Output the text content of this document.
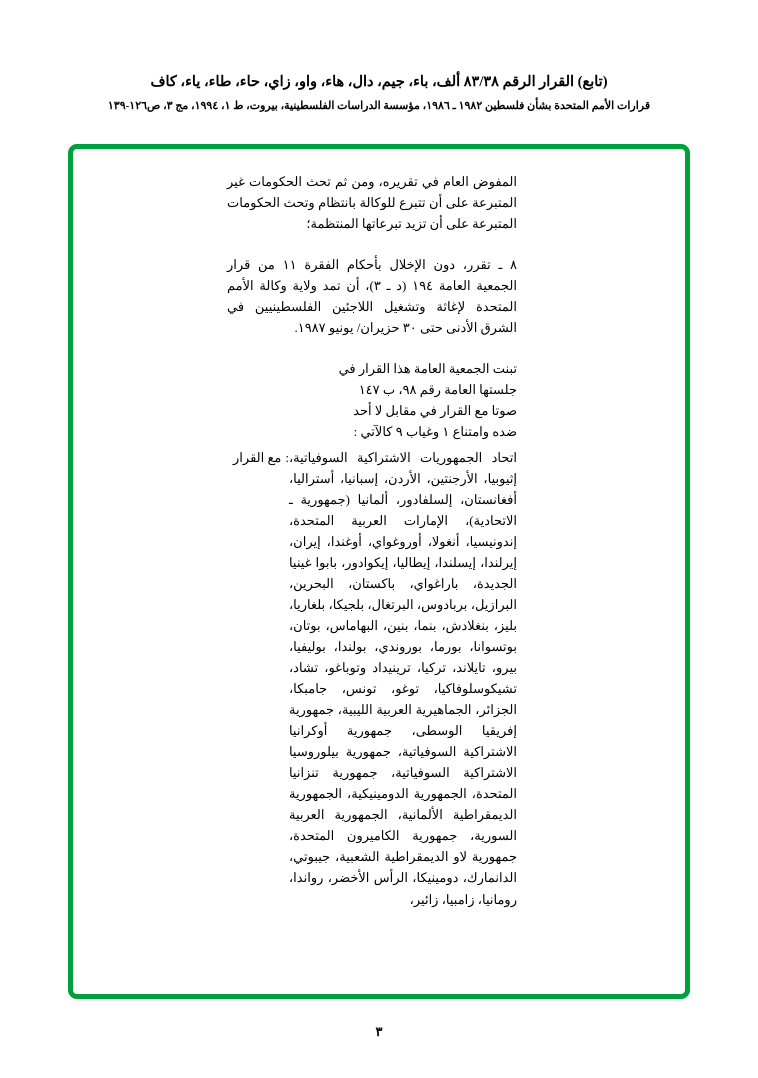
(تابع) القرار الرقم ٨٣/٣٨ ألف، باء، جيم، دال، هاء، واو، زاي، حاء، طاء، ياء، كاف
قرارات الأمم المتحدة بشأن فلسطين ١٩٨٢ ـ ١٩٨٦، مؤسسة الدراسات الفلسطينية، بيروت، ط ١، ١٩٩٤، مج ٣، ص١٢٦-١٣٩

المفوض العام في تقريره، ومن ثم تحث الحكومات غير المتبرعة على أن تتبرع للوكالة بانتظام وتحث الحكومات المتبرعة على أن تزيد تبرعاتها المنتظمة؛

٨ ـ تقرر، دون الإخلال بأحكام الفقرة ١١ من قرار الجمعية العامة ١٩٤ (د ـ ٣)، أن تمد ولاية وكالة الأمم المتحدة لإغاثة وتشغيل اللاجئين الفلسطينيين في الشرق الأدنى حتى ٣٠ حزيران/ يونيو ١٩٨٧.

تبنت الجمعية العامة هذا القرار في

جلستها العامة رقم ٩٨، ب ١٤٧

صوتا مع القرار في مقابل لا أحد

ضده وامتناع ١ وغياب ٩ كالآتي :

مع القرار : اتحاد الجمهوريات الاشتراكية السوفياتية، إثيوبيا، الأرجنتين، الأردن، إسبانيا، أستراليا، أفغانستان، إلسلفادور، ألمانيا (جمهورية ـ الاتحادية)، الإمارات العربية المتحدة، إندونيسيا، أنغولا، أوروغواي، أوغندا، إيران، إيرلندا، إيسلندا، إيطاليا، إيكوادور، بابوا غينيا الجديدة، باراغواي، باكستان، البحرين، البرازيل، بربادوس، البرتغال، بلجيكا، بلغاريا، بليز، بنغلادش، بنما، بنين، البهاماس، بوتان، بوتسوانا، بورما، بوروندي، بولندا، بوليفيا، بيرو، تايلاند، تركيا، ترينيداد وتوباغو، تشاد، تشيكوسلوفاكيا، توغو، تونس، جامبكا، الجزائر، الجماهيرية العربية الليبية، جمهورية إفريقيا الوسطى، جمهورية أوكرانيا الاشتراكية السوفياتية، جمهورية بيلوروسيا الاشتراكية السوفياتية، جمهورية تنزانيا المتحدة، الجمهورية الدومينيكية، الجمهورية الديمقراطية الألمانية، الجمهورية العربية السورية، جمهورية الكاميرون المتحدة، جمهورية لاو الديمقراطية الشعبية، جيبوتي، الدانمارك، دومينيكا، الرأس الأخضر، رواندا، رومانيا، زامبيا، زائير،
٣
